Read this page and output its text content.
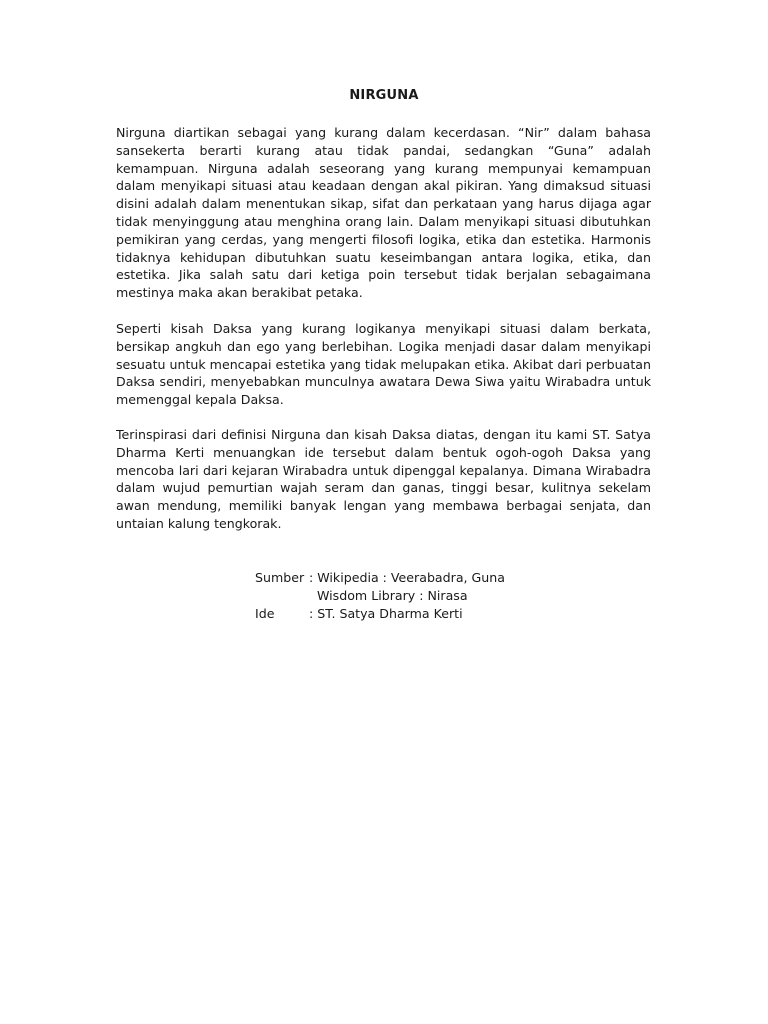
NIRGUNA

Nirguna diartikan sebagai yang kurang dalam kecerdasan. “Nir” dalam bahasa sansekerta berarti kurang atau tidak pandai, sedangkan “Guna” adalah kemampuan. Nirguna adalah seseorang yang kurang mempunyai kemampuan dalam menyikapi situasi atau keadaan dengan akal pikiran. Yang dimaksud situasi disini adalah dalam menentukan sikap, sifat dan perkataan yang harus dijaga agar tidak menyinggung atau menghina orang lain. Dalam menyikapi situasi dibutuhkan pemikiran yang cerdas, yang mengerti filosofi logika, etika dan estetika. Harmonis tidaknya kehidupan dibutuhkan suatu keseimbangan antara logika, etika, dan estetika. Jika salah satu dari ketiga poin tersebut tidak berjalan sebagaimana mestinya maka akan berakibat petaka.

Seperti kisah Daksa yang kurang logikanya menyikapi situasi dalam berkata, bersikap angkuh dan ego yang berlebihan. Logika menjadi dasar dalam menyikapi sesuatu untuk mencapai estetika yang tidak melupakan etika. Akibat dari perbuatan Daksa sendiri, menyebabkan munculnya awatara Dewa Siwa yaitu Wirabadra untuk memenggal kepala Daksa.

Terinspirasi dari definisi Nirguna dan kisah Daksa diatas, dengan itu kami ST. Satya Dharma Kerti menuangkan ide tersebut dalam bentuk ogoh-ogoh Daksa yang mencoba lari dari kejaran Wirabadra untuk dipenggal kepalanya. Dimana Wirabadra dalam wujud pemurtian wajah seram dan ganas, tinggi besar, kulitnya sekelam awan mendung, memiliki banyak lengan yang membawa berbagai senjata, dan untaian kalung tengkorak.

Sumber : Wikipedia : Veerabadra, Guna
Wisdom Library : Nirasa
Ide	: ST. Satya Dharma Kerti
